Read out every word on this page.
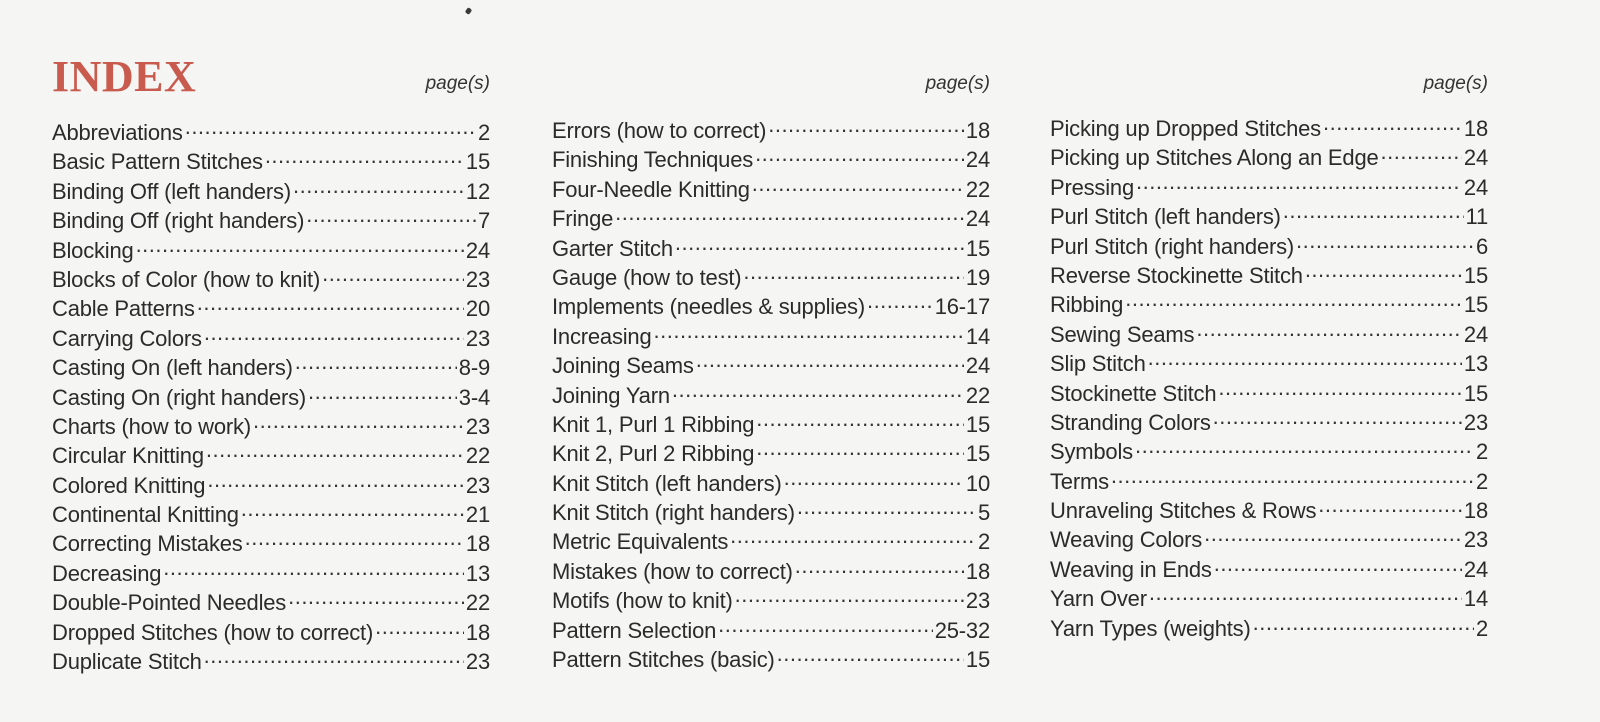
INDEX	page(s)
Abbreviations .....	2
Basic Pattern Stitches .....	15
Binding Off (left handers) .....	12
Binding Off (right handers) .....	7
Blocking .....	24
Blocks of Color (how to knit) .....	23
Cable Patterns .....	20
Carrying Colors .....	23
Casting On (left handers) .....	8-9
Casting On (right handers) .....	3-4
Charts (how to work) .....	23
Circular Knitting .....	22
Colored Knitting .....	23
Continental Knitting .....	21
Correcting Mistakes .....	18
Decreasing .....	13
Double-Pointed Needles .....	22
Dropped Stitches (how to correct) .....	18
Duplicate Stitch .....	23
page(s)
Errors (how to correct) .....	18
Finishing Techniques .....	24
Four-Needle Knitting .....	22
Fringe .....	24
Garter Stitch .....	15
Gauge (how to test) .....	19
Implements (needles & supplies) .....	16-17
Increasing .....	14
Joining Seams .....	24
Joining Yarn .....	22
Knit 1, Purl 1 Ribbing .....	15
Knit 2, Purl 2 Ribbing .....	15
Knit Stitch (left handers) .....	10
Knit Stitch (right handers) .....	5
Metric Equivalents .....	2
Mistakes (how to correct) .....	18
Motifs (how to knit) .....	23
Pattern Selection .....	25-32
Pattern Stitches (basic) .....	15
page(s)
Picking up Dropped Stitches .....	18
Picking up Stitches Along an Edge .....	24
Pressing .....	24
Purl Stitch (left handers) .....	11
Purl Stitch (right handers) .....	6
Reverse Stockinette Stitch .....	15
Ribbing .....	15
Sewing Seams .....	24
Slip Stitch .....	13
Stockinette Stitch .....	15
Stranding Colors .....	23
Symbols .....	2
Terms .....	2
Unraveling Stitches & Rows .....	18
Weaving Colors .....	23
Weaving in Ends .....	24
Yarn Over .....	14
Yarn Types (weights) .....	2
